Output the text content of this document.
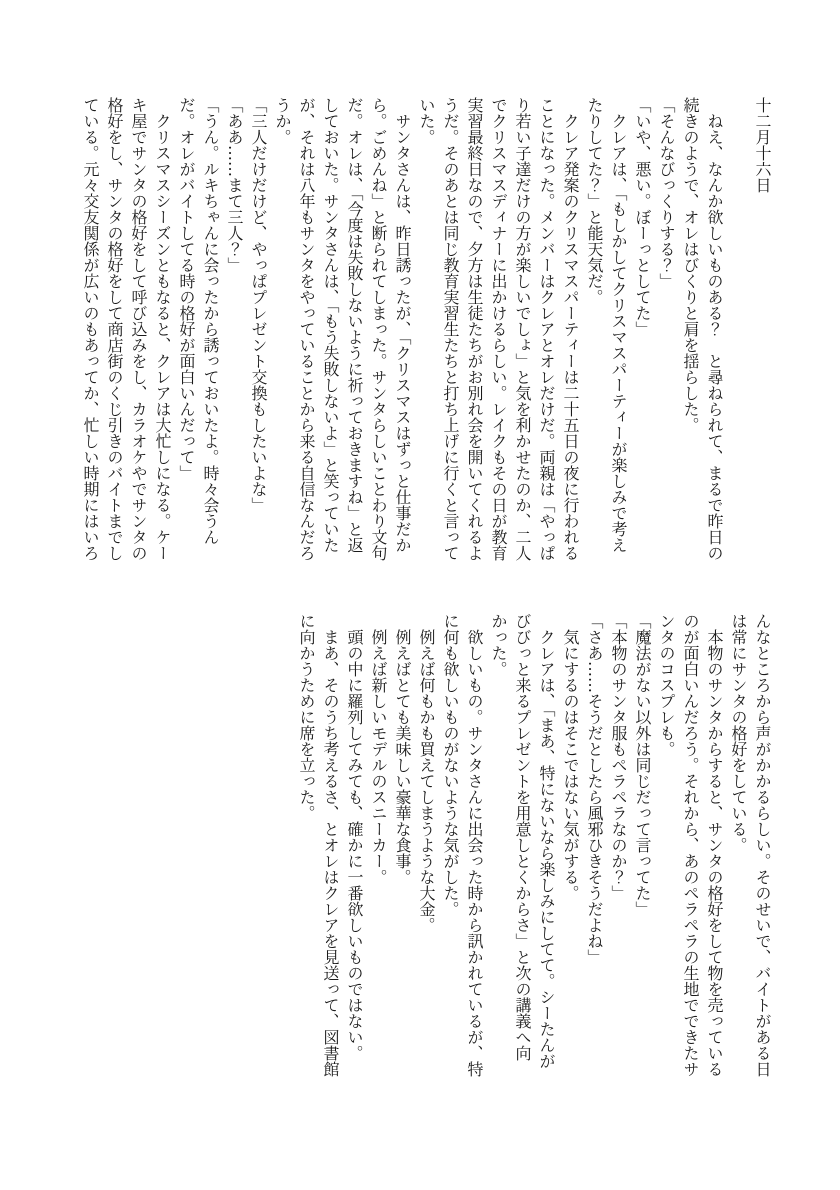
十二月十六日
　ねえ、なんか欲しいものある？　と尋ねられて、まるで昨日の
続きのようで、オレはびくりと肩を揺らした。
「そんなびっくりする？」
「いや、悪い。ぼーっとしてた」
　クレアは、「もしかしてクリスマスパーティーが楽しみで考え
たりしてた？」と能天気だ。
　クレア発案のクリスマスパーティーは二十五日の夜に行われる
ことになった。メンバーはクレアとオレだけだ。両親は「やっぱ
り若い子達だけの方が楽しいでしょ」と気を利かせたのか、二人
でクリスマスディナーに出かけるらしい。レイクもその日が教育
実習最終日なので、夕方は生徒たちがお別れ会を開いてくれるよ
うだ。そのあとは同じ教育実習生たちと打ち上げに行くと言って
いた。
　サンタさんは、昨日誘ったが、「クリスマスはずっと仕事だか
ら。ごめんね」と断られてしまった。サンタらしいことわり文句
だ。オレは、「今度は失敗しないように祈っておきますね」と返
しておいた。サンタさんは、「もう失敗しないよ」と笑っていた
が、それは八年もサンタをやっていることから来る自信なんだろ
うか。
「三人だけだけど、やっぱプレゼント交換もしたいよな」
「ああ……まて三人？」
「うん。ルキちゃんに会ったから誘っておいたよ。時々会うん
だ。オレがバイトしてる時の格好が面白いんだって」
　クリスマスシーズンともなると、クレアは大忙しになる。ケー
キ屋でサンタの格好をして呼び込みをし、カラオケやでサンタの
格好をし、サンタの格好をして商店街のくじ引きのバイトまでし
ている。元々交友関係が広いのもあってか、忙しい時期にはいろ
んなところから声がかかるらしい。そのせいで、バイトがある日
は常にサンタの格好をしている。
　本物のサンタからすると、サンタの格好をして物を売っている
のが面白いんだろう。それから、あのペラペラの生地でできたサ
ンタのコスプレも。
「魔法がない以外は同じだって言ってた」
「本物のサンタ服もペラペラなのか？」
「さあ……そうだとしたら風邪ひきそうだよね」
　気にするのはそこではない気がする。
　クレアは、「まあ、特にないなら楽しみにしてて。シーたんが
びびっと来るプレゼントを用意しとくからさ」と次の講義へ向
かった。
　欲しいもの。サンタさんに出会った時から訊かれているが、特
に何も欲しいものがないような気がした。
　例えば何もかも買えてしまうような大金。
　例えばとても美味しい豪華な食事。
　例えば新しいモデルのスニーカー。
　頭の中に羅列してみても、確かに一番欲しいものではない。
　まあ、そのうち考えるさ、とオレはクレアを見送って、図書館
に向かうために席を立った。
